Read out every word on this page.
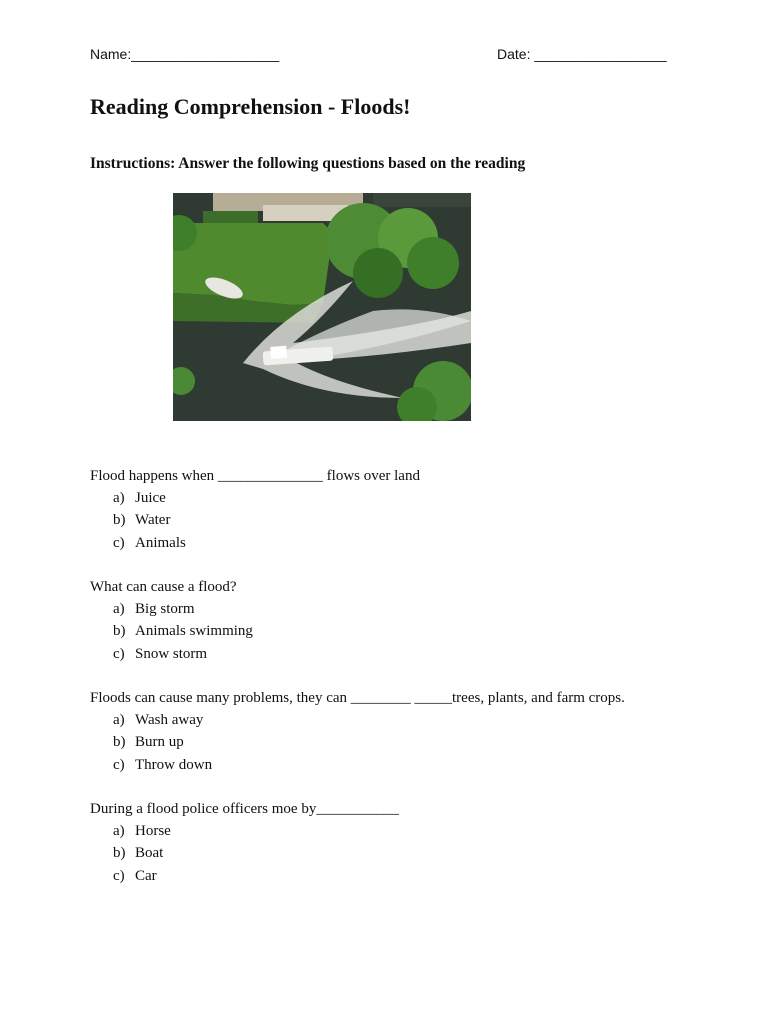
Name:___________________	Date: _________________
Reading Comprehension - Floods!
Instructions: Answer the following questions based on the reading
Flood happens when ______________ flows over land
a) Juice
b) Water
c) Animals
What can cause a flood?
a) Big storm
b) Animals swimming
c) Snow storm
Floods can cause many problems, they can ________ _____trees, plants, and farm crops.
a) Wash away
b) Burn up
c) Throw down
During a flood police officers moe by___________
a) Horse
b) Boat
c) Car
